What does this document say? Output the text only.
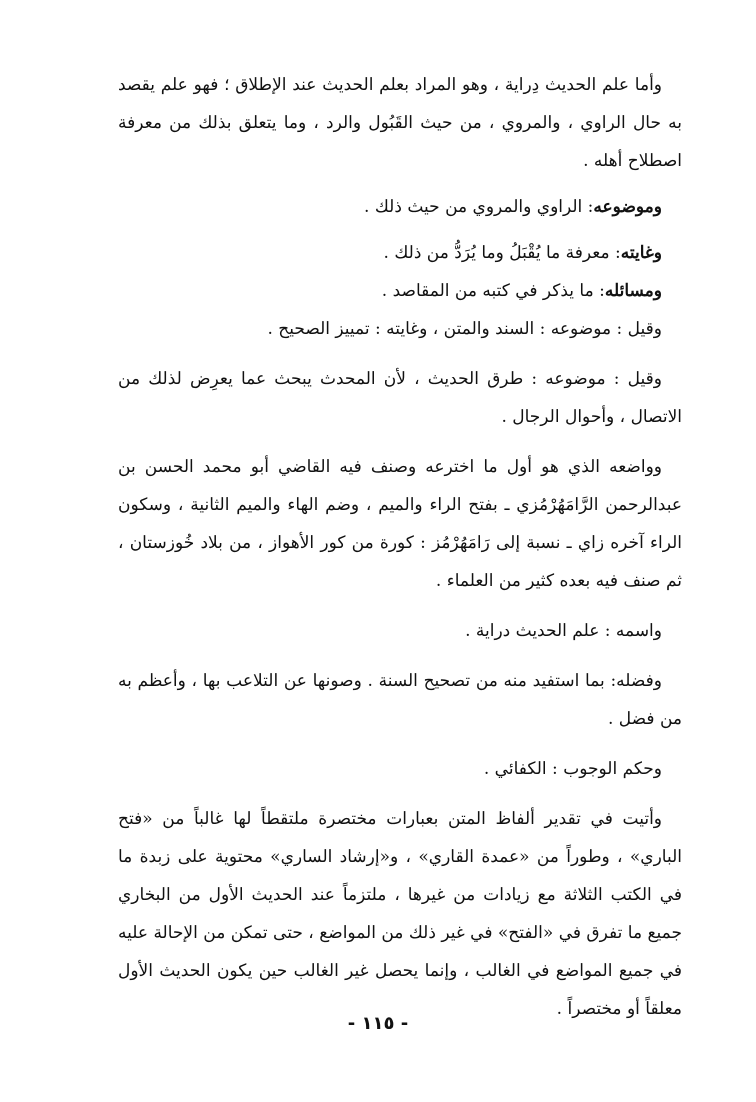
وأما علم الحديث دِراية ، وهو المراد بعلم الحديث عند الإطلاق ؛ فهو علم يقصد به حال الراوي ، والمروي ، من حيث القَبُول والرد ، وما يتعلق بذلك من معرفة اصطلاح أهله .

وموضوعه: الراوي والمروي من حيث ذلك .

وغايته: معرفة ما يُقْبَلُ وما يُرَدُّ من ذلك .

ومسائله: ما يذكر في كتبه من المقاصد .

وقيل : موضوعه : السند والمتن ، وغايته : تمييز الصحيح .

وقيل : موضوعه : طرق الحديث ، لأن المحدث يبحث عما يعرِض لذلك من الاتصال ، وأحوال الرجال .

وواضعه الذي هو أول ما اخترعه وصنف فيه القاضي أبو محمد الحسن بن عبدالرحمن الرَّامَهُرْمُزي ـ بفتح الراء والميم ، وضم الهاء والميم الثانية ، وسكون الراء آخره زاي ـ نسبة إلى رَامَهُرْمُز : كورة من كور الأهواز ، من بلاد خُوزستان ، ثم صنف فيه بعده كثير من العلماء .

واسمه : علم الحديث دراية .

وفضله: بما استفيد منه من تصحيح السنة . وصونها عن التلاعب بها ، وأعظم به من فضل .

وحكم الوجوب : الكفائي .

وأتيت في تقدير ألفاظ المتن بعبارات مختصرة ملتقطاً لها غالباً من «فتح الباري» ، وطوراً من «عمدة القاري» ، و«إرشاد الساري» محتوية على زبدة ما في الكتب الثلاثة مع زيادات من غيرها ، ملتزماً عند الحديث الأول من البخاري جميع ما تفرق في «الفتح» في غير ذلك من المواضع ، حتى تمكن من الإحالة عليه في جميع المواضع في الغالب ، وإنما يحصل غير الغالب حين يكون الحديث الأول معلقاً أو مختصراً .

- ١١٥ -
